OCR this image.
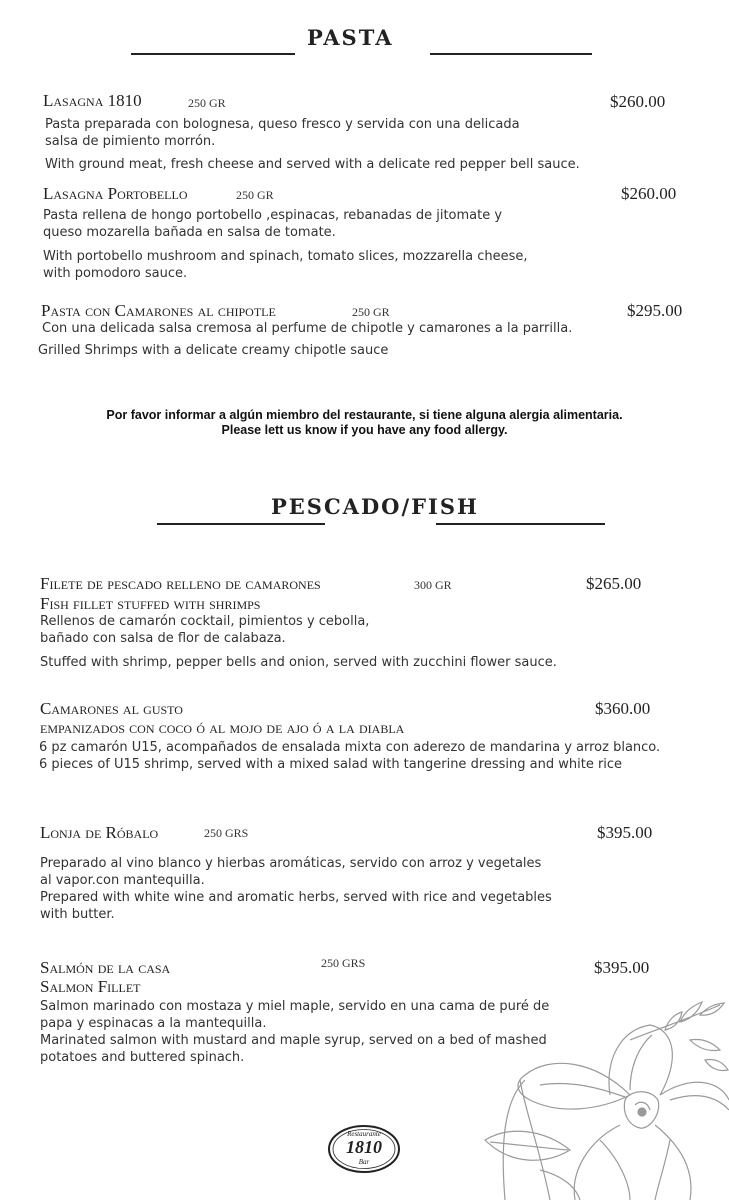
PASTA
Lasagna 1810	250 GR	$260.00
Pasta preparada con bolognesa, queso fresco y servida con una delicada
salsa de pimiento morrón.
With ground meat, fresh cheese and served with a delicate red pepper bell sauce.
Lasagna Portobello	250 GR	$260.00
Pasta rellena de hongo portobello ,espinacas, rebanadas de jitomate y
queso mozarella bañada en salsa de tomate.
With portobello mushroom and spinach, tomato slices, mozzarella cheese,
with pomodoro sauce.
Pasta con Camarones al chipotle	250 GR	$295.00
Con una delicada salsa cremosa al perfume de chipotle y camarones a la parrilla.
Grilled Shrimps with a delicate creamy chipotle sauce
Por favor informar a algún miembro del restaurante, si tiene alguna alergia alimentaria.
Please lett us know if you have any food allergy.
PESCADO/FISH
Filete de pescado relleno de camarones	300 GR	$265.00
Fish fillet stuffed with shrimps
Rellenos de camarón cocktail, pimientos y cebolla,
bañado con salsa de flor de calabaza.
Stuffed with shrimp, pepper bells and onion, served with zucchini flower sauce.
Camarones al gusto	$360.00
empanizados con coco ó al mojo de ajo ó a la diabla
6 pz camarón U15, acompañados de ensalada mixta con aderezo de mandarina y arroz blanco.
6 pieces of U15 shrimp, served with a mixed salad with tangerine dressing and white rice
Lonja de Róbalo	250 GRS	$395.00
Preparado al vino blanco y hierbas aromáticas, servido con arroz y vegetales
al vapor.con mantequilla.
Prepared with white wine and aromatic herbs, served with rice and vegetables
with butter.
Salmón de la casa	250 GRS	$395.00
Salmon Fillet
Salmon marinado con mostaza y miel maple, servido en una cama de puré de
papa y espinacas a la mantequilla.
Marinated salmon with mustard and maple syrup, served on a bed of mashed
potatoes and buttered spinach.
Restaurante
1810
Bar
